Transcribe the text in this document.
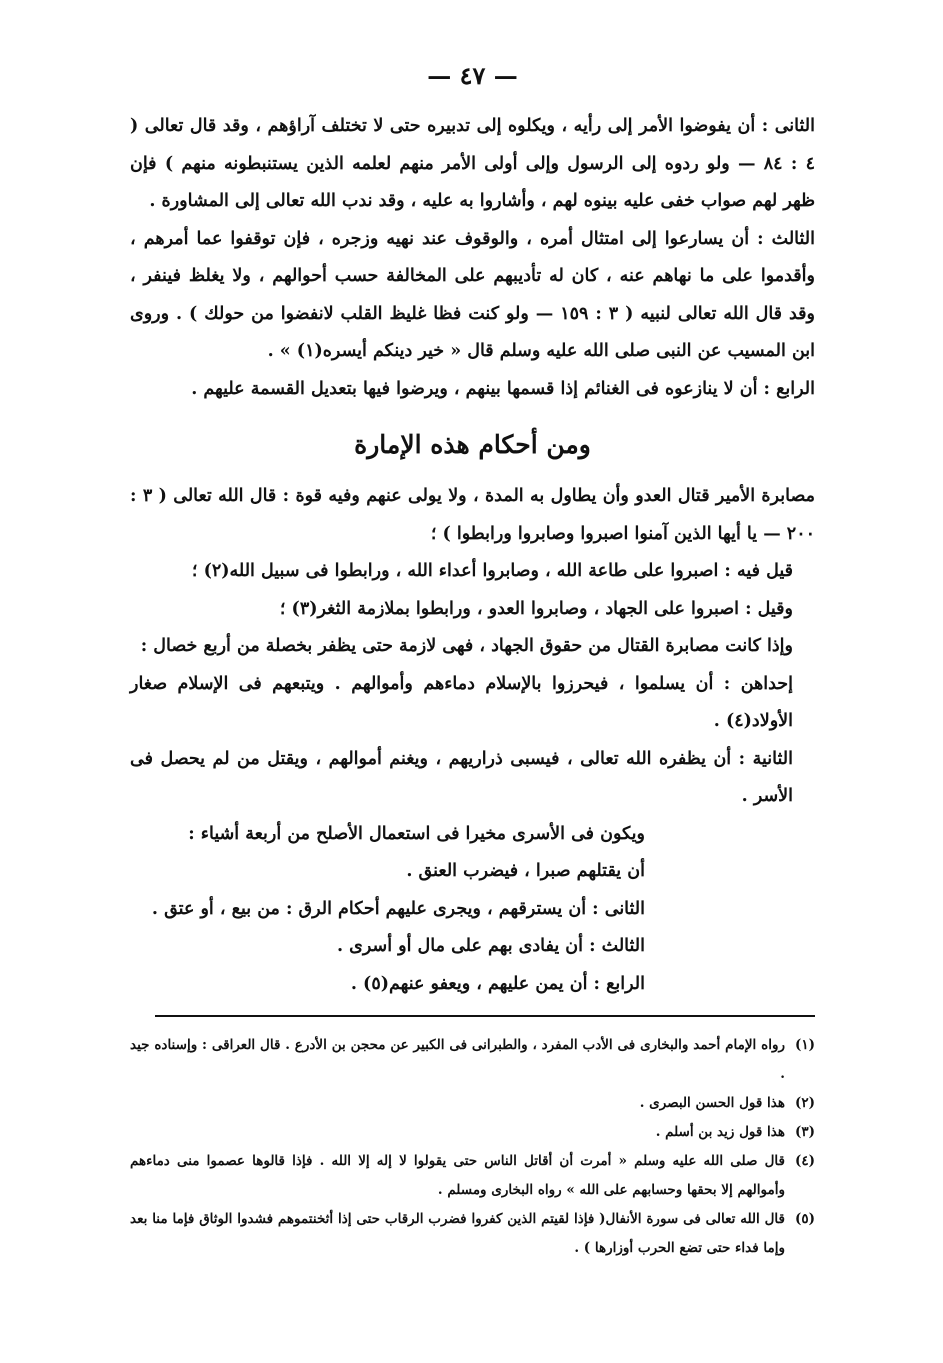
— ٤٧ —

الثانى : أن يفوضوا الأمر إلى رأيه ، ويكلوه إلى تدبيره حتى لا تختلف آراؤهم ، وقد قال تعالى ( ٤ : ٨٤ — ولو ردوه إلى الرسول وإلى أولى الأمر منهم لعلمه الذين يستنبطونه منهم ) فإن ظهر لهم صواب خفى عليه بينوه لهم ، وأشاروا به عليه ، وقد ندب الله تعالى إلى المشاورة .

الثالث : أن يسارعوا إلى امتثال أمره ، والوقوف عند نهيه وزجره ، فإن توقفوا عما أمرهم ، وأقدموا على ما نهاهم عنه ، كان له تأديبهم على المخالفة حسب أحوالهم ، ولا يغلظ فينفر ، وقد قال الله تعالى لنبيه ( ٣ : ١٥٩ — ولو كنت فظا غليظ القلب لانفضوا من حولك ) . وروى ابن المسيب عن النبى صلى الله عليه وسلم قال « خير دينكم أيسره(١) » .

الرابع : أن لا ينازعوه فى الغنائم إذا قسمها بينهم ، ويرضوا فيها بتعديل القسمة عليهم .

ومن أحكام هذه الإمارة

مصابرة الأمير قتال العدو وأن يطاول به المدة ، ولا يولى عنهم وفيه قوة : قال الله تعالى ( ٣ : ٢٠٠ — يا أيها الذين آمنوا اصبروا وصابروا ورابطوا ) ؛

قيل فيه : اصبروا على طاعة الله ، وصابروا أعداء الله ، ورابطوا فى سبيل الله(٢) ؛

وقيل : اصبروا على الجهاد ، وصابروا العدو ، ورابطوا بملازمة الثغر(٣) ؛

وإذا كانت مصابرة القتال من حقوق الجهاد ، فهى لازمة حتى يظفر بخصلة من أربع خصال :

إحداهن : أن يسلموا ، فيحرزوا بالإسلام دماءهم وأموالهم . ويتبعهم فى الإسلام صغار الأولاد(٤) .

الثانية : أن يظفره الله تعالى ، فيسبى ذراريهم ، ويغنم أموالهم ، ويقتل من لم يحصل فى الأسر .

ويكون فى الأسرى مخيرا فى استعمال الأصلح من أربعة أشياء :

أن يقتلهم صبرا ، فيضرب العنق .

الثانى : أن يسترقهم ، ويجرى عليهم أحكام الرق : من بيع ، أو عتق .

الثالث : أن يفادى بهم على مال أو أسرى .

الرابع : أن يمن عليهم ، ويعفو عنهم(٥) .

(١)
رواه الإمام أحمد والبخارى فى الأدب المفرد ، والطبرانى فى الكبير عن محجن بن الأدرع . قال العراقى : وإسناده جيد .

(٢)
هذا قول الحسن البصرى .

(٣)
هذا قول زيد بن أسلم .

(٤)
قال صلى الله عليه وسلم « أمرت أن أقاتل الناس حتى يقولوا لا إله إلا الله . فإذا قالوها عصموا منى دماءهم وأموالهم إلا بحقها وحسابهم على الله » رواه البخارى ومسلم .

(٥)
قال الله تعالى فى سورة الأنفال( فإذا لقيتم الذين كفروا فضرب الرقاب حتى إذا أثخنتموهم فشدوا الوثاق فإما منا بعد وإما فداء حتى تضع الحرب أوزارها ) .
